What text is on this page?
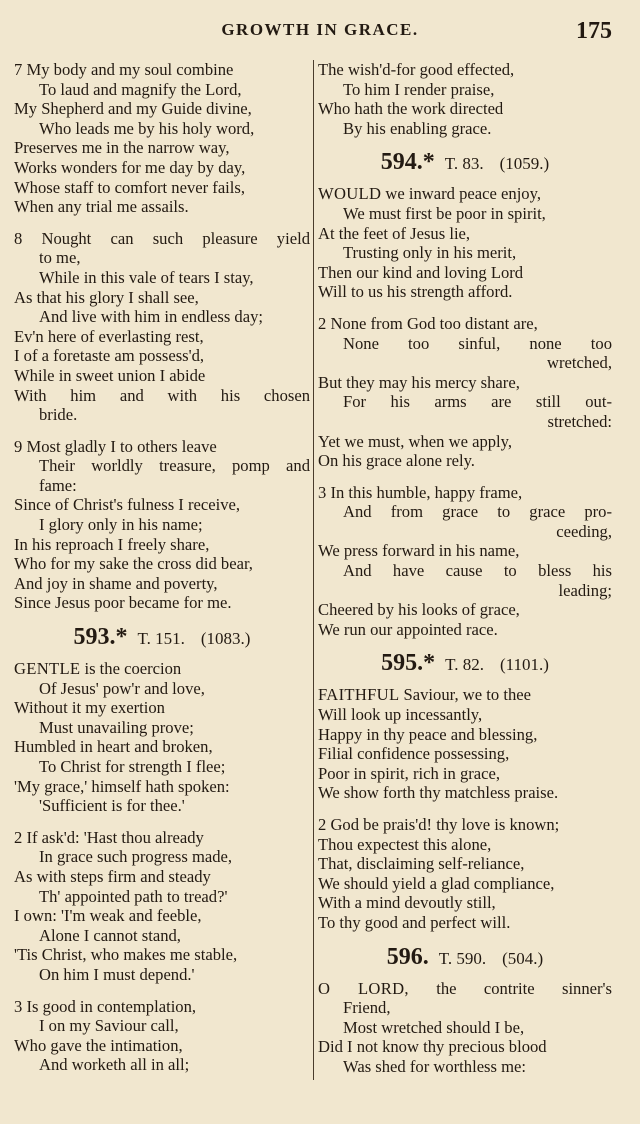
GROWTH IN GRACE.	175
7 My body and my soul combine
To laud and magnify the Lord,
My Shepherd and my Guide divine,
Who leads me by his holy word,
Preserves me in the narrow way,
Works wonders for me day by day,
Whose staff to comfort never fails,
When any trial me assails.
8 Nought can such pleasure yield
to me,
While in this vale of tears I stay,
As that his glory I shall see,
And live with him in endless day;
Ev'n here of everlasting rest,
I of a foretaste am possess'd,
While in sweet union I abide
With him and with his chosen
bride.
9 Most gladly I to others leave
Their worldly treasure, pomp and
fame:
Since of Christ's fulness I receive,
I glory only in his name;
In his reproach I freely share,
Who for my sake the cross did bear,
And joy in shame and poverty,
Since Jesus poor became for me.
593.* T. 151. (1083.)
GENTLE is the coercion
Of Jesus' pow'r and love,
Without it my exertion
Must unavailing prove;
Humbled in heart and broken,
To Christ for strength I flee;
'My grace,' himself hath spoken:
'Sufficient is for thee.'
2 If ask'd: 'Hast thou already
In grace such progress made,
As with steps firm and steady
Th' appointed path to tread?'
I own: 'I'm weak and feeble,
Alone I cannot stand,
'Tis Christ, who makes me stable,
On him I must depend.'
3 Is good in contemplation,
I on my Saviour call,
Who gave the intimation,
And worketh all in all;
The wish'd-for good effected,
To him I render praise,
Who hath the work directed
By his enabling grace.
594.* T. 83. (1059.)
WOULD we inward peace enjoy,
We must first be poor in spirit,
At the feet of Jesus lie,
Trusting only in his merit,
Then our kind and loving Lord
Will to us his strength afford.
2 None from God too distant are,
None too sinful, none too
wretched,
But they may his mercy share,
For his arms are still out-
stretched:
Yet we must, when we apply,
On his grace alone rely.
3 In this humble, happy frame,
And from grace to grace pro-
ceeding,
We press forward in his name,
And have cause to bless his
leading;
Cheered by his looks of grace,
We run our appointed race.
595.* T. 82. (1101.)
FAITHFUL Saviour, we to thee
Will look up incessantly,
Happy in thy peace and blessing,
Filial confidence possessing,
Poor in spirit, rich in grace,
We show forth thy matchless praise.
2 God be prais'd! thy love is known;
Thou expectest this alone,
That, disclaiming self-reliance,
We should yield a glad compliance,
With a mind devoutly still,
To thy good and perfect will.
596. T. 590. (504.)
O LORD, the contrite sinner's
Friend,
Most wretched should I be,
Did I not know thy precious blood
Was shed for worthless me:
